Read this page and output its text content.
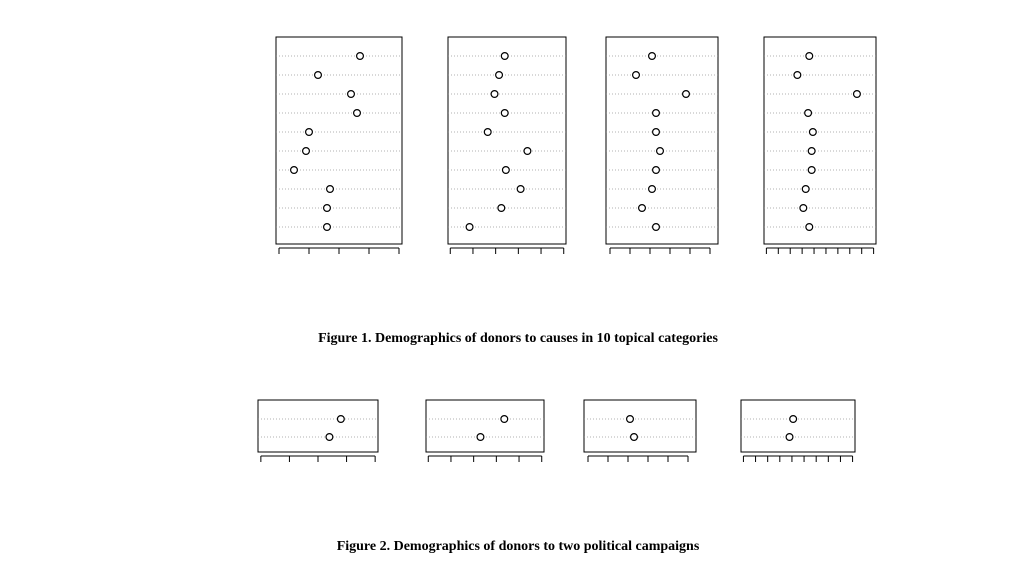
Figure 1. Demographics of donors to causes in 10 topical categories
Figure 2. Demographics of donors to two political campaigns
